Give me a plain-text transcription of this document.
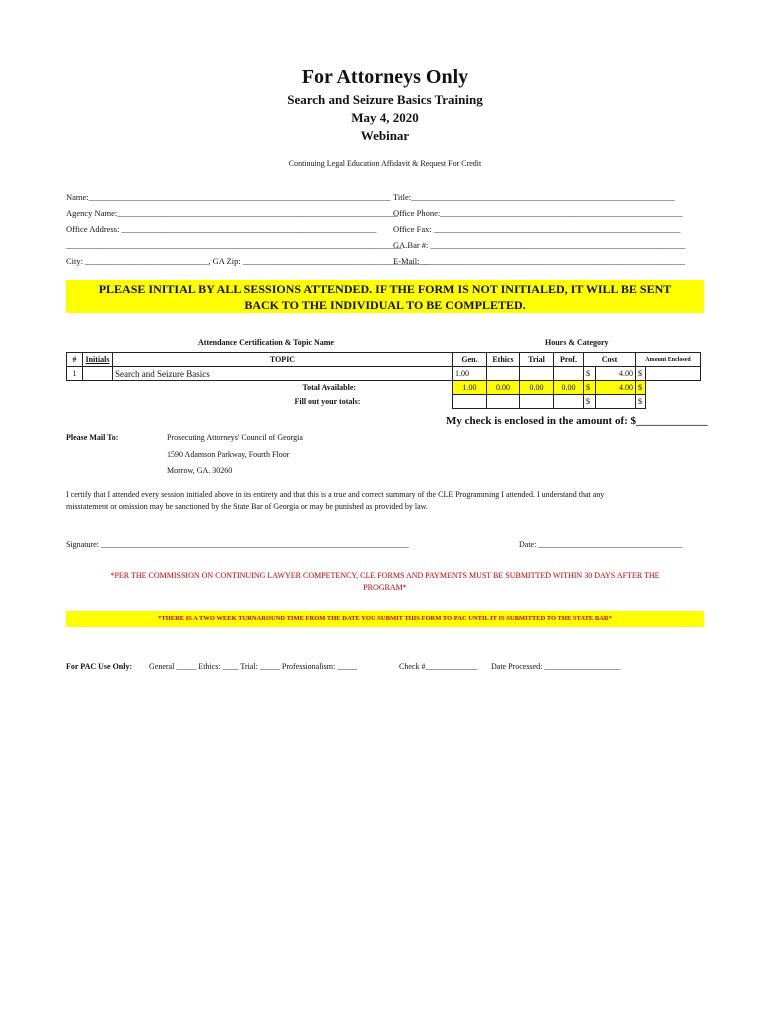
For Attorneys Only
Search and Seizure Basics Training
May 4, 2020
Webinar
Continuing Legal Education Affidavit & Request For Credit
Name:_______________________________________________________________________ Title:______________________________________________________________
Agency Name:__________________________________________________________________
Office Phone:_________________________________________________________
Office Address: ____________________________________________________________ Office Fax: __________________________________________________________
_______________________________________________________________________________
GA.Bar #: ____________________________________________________________
City: _____________________________, GA Zip: ____________________________________________
E-Mail: ______________________________________________________________
PLEASE INITIAL BY ALL SESSIONS ATTENDED. IF THE FORM IS NOT INITIALED, IT WILL BE SENT
BACK TO THE INDIVIDUAL TO BE COMPLETED.
Attendance Certification & Topic Name	Hours & Category
#	Initials	TOPIC	Gen.	Ethics	Trial	Prof.	Cost		Amount Enclosed	
1		Search and Seizure Basics	1.00				$	4.00	$	
Total Available:			1.00	0.00	0.00	0.00	$	4.00	$	
Fill out your totals:							$		$	
My check is enclosed in the amount of: $_____________
Please Mail To:	Prosecuting Attorneys' Council of Georgia
1590 Adamson Parkway, Fourth Floor
Morrow, GA. 30260
I certify that I attended every session initialed above in its entirety and that this is a true and correct summary of the CLE Programming I attended. I understand that any
misstatement or omission may be sanctioned by the State Bar of Georgia or may be punished as provided by law.
Signature: _____________________________________________________________________________	Date: ____________________________________
*PER THE COMMISSION ON CONTINUING LAWYER COMPETENCY, CLE FORMS AND PAYMENTS MUST BE SUBMITTED WITHIN 30 DAYS AFTER THE
PROGRAM*
*THERE IS A TWO WEEK TURNAROUND TIME FROM THE DATE YOU SUBMIT THIS FORM TO PAC UNTIL IT IS SUBMITTED TO THE STATE BAR*
For PAC Use Only: General _____ Ethics: ____ Trial: _____ Professionalism: _____	Check #_____________ Date Processed: ___________________
